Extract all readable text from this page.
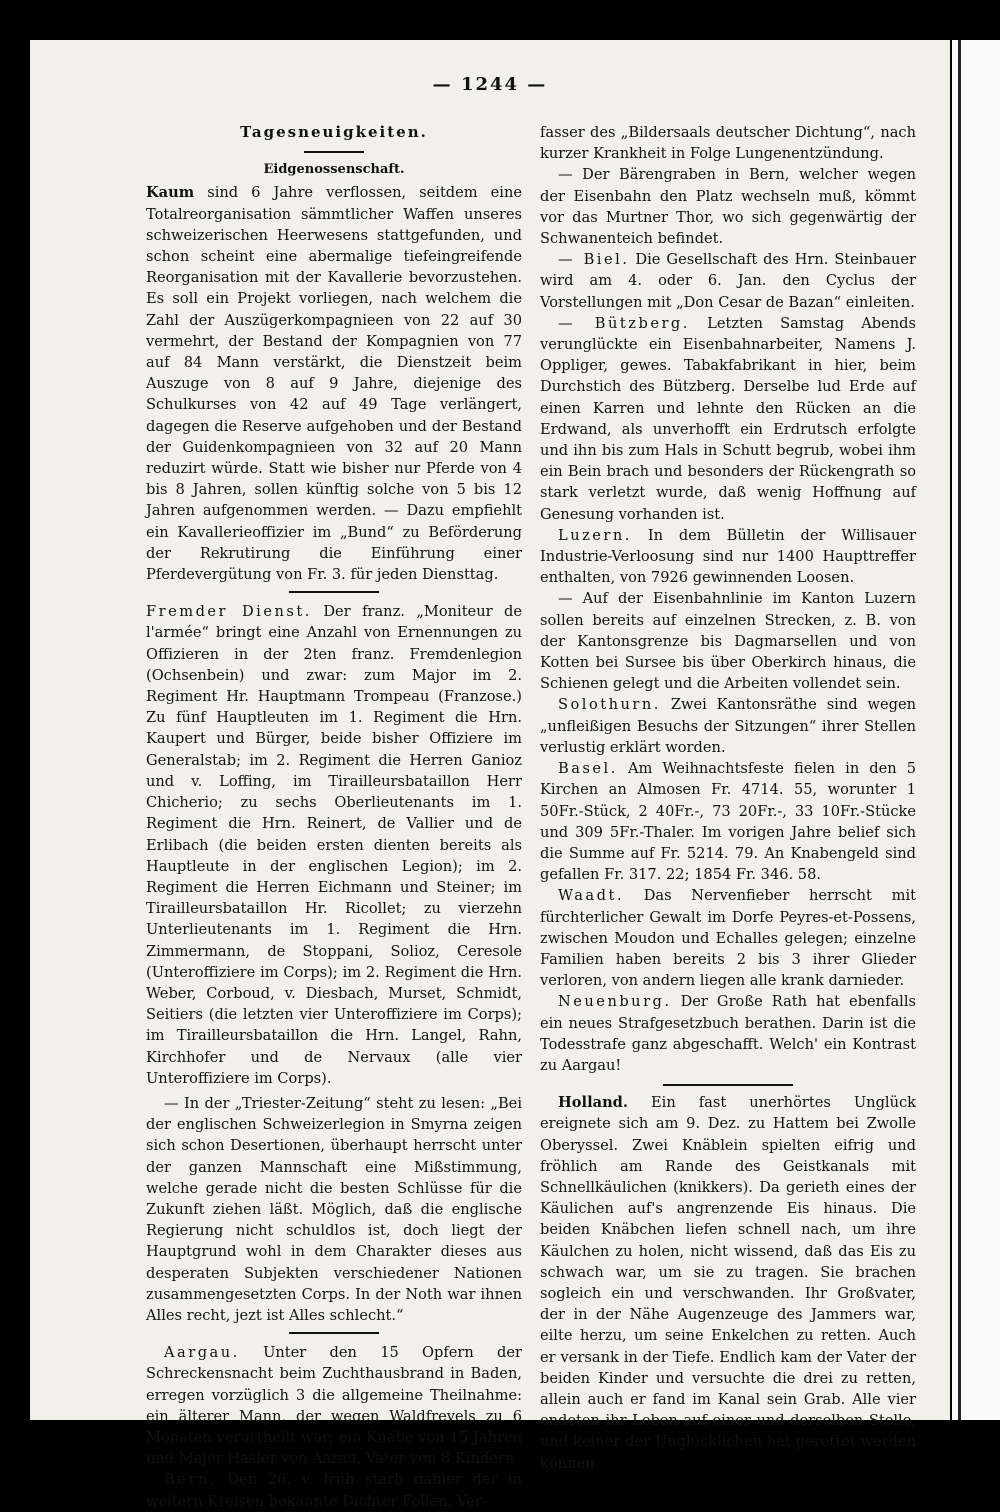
— 1244 —
Tagesneuigkeiten.
Eidgenossenschaft.

Kaum sind 6 Jahre verflossen, seitdem eine Totalreorganisation sämmtlicher Waffen unseres schweizerischen Heerwesens stattgefunden, und schon scheint eine abermalige tiefeingreifende Reorganisation mit der Kavallerie bevorzustehen. Es soll ein Projekt vorliegen, nach welchem die Zahl der Auszügerkompagnieen von 22 auf 30 vermehrt, der Bestand der Kompagnien von 77 auf 84 Mann verstärkt, die Dienstzeit beim Auszuge von 8 auf 9 Jahre, diejenige des Schulkurses von 42 auf 49 Tage verlängert, dagegen die Reserve aufgehoben und der Bestand der Guidenkompagnieen von 32 auf 20 Mann reduzirt würde. Statt wie bisher nur Pferde von 4 bis 8 Jahren, sollen künftig solche von 5 bis 12 Jahren aufgenommen werden. — Dazu empfiehlt ein Kavallerieoffizier im „Bund“ zu Beförderung der Rekrutirung die Einführung einer Pferdevergütung von Fr. 3. für jeden Diensttag.

Fremder Dienst. Der franz. „Moniteur de l'armée“ bringt eine Anzahl von Ernennungen zu Offizieren in der 2ten franz. Fremdenlegion (Ochsenbein) und zwar: zum Major im 2. Regiment Hr. Hauptmann Trompeau (Franzose.) Zu fünf Hauptleuten im 1. Regiment die Hrn. Kaupert und Bürger, beide bisher Offiziere im Generalstab; im 2. Regiment die Herren Ganioz und v. Loffing, im Tirailleursbataillon Herr Chicherio; zu sechs Oberlieutenants im 1. Regiment die Hrn. Reinert, de Vallier und de Erlibach (die beiden ersten dienten bereits als Hauptleute in der englischen Legion); im 2. Regiment die Herren Eichmann und Steiner; im Tirailleursbataillon Hr. Ricollet; zu vierzehn Unterlieutenants im 1. Regiment die Hrn. Zimmermann, de Stoppani, Solioz, Ceresole (Unteroffiziere im Corps); im 2. Regiment die Hrn. Weber, Corboud, v. Diesbach, Murset, Schmidt, Seitiers (die letzten vier Unteroffiziere im Corps); im Tirailleursbataillon die Hrn. Langel, Rahn, Kirchhofer und de Nervaux (alle vier Unteroffiziere im Corps).

— In der „Triester-Zeitung“ steht zu lesen: „Bei der englischen Schweizerlegion in Smyrna zeigen sich schon Desertionen, überhaupt herrscht unter der ganzen Mannschaft eine Mißstimmung, welche gerade nicht die besten Schlüsse für die Zukunft ziehen läßt. Möglich, daß die englische Regierung nicht schuldlos ist, doch liegt der Hauptgrund wohl in dem Charakter dieses aus desperaten Subjekten verschiedener Nationen zusammengesetzten Corps. In der Noth war ihnen Alles recht, jezt ist Alles schlecht.“

Aargau. Unter den 15 Opfern der Schreckensnacht beim Zuchthausbrand in Baden, erregen vorzüglich 3 die allgemeine Theilnahme: ein älterer Mann, der wegen Waldfrevels zu 6 Monaten verurtheilt war; ein Knabe von 15 Jahren und Major Hasler von Aarau, Vater von 8 Kindern.

Bern. Den 26. v. früh starb dahier der in weitern Kreisen bekannte Dichter Follen, Ver-

fasser des „Bildersaals deutscher Dichtung“, nach kurzer Krankheit in Folge Lungenentzündung.

— Der Bärengraben in Bern, welcher wegen der Eisenbahn den Platz wechseln muß, kömmt vor das Murtner Thor, wo sich gegenwärtig der Schwanenteich befindet.

— Biel. Die Gesellschaft des Hrn. Steinbauer wird am 4. oder 6. Jan. den Cyclus der Vorstellungen mit „Don Cesar de Bazan“ einleiten.

— Bützberg. Letzten Samstag Abends verunglückte ein Eisenbahnarbeiter, Namens J. Oppliger, gewes. Tabakfabrikant in hier, beim Durchstich des Bützberg. Derselbe lud Erde auf einen Karren und lehnte den Rücken an die Erdwand, als unverhofft ein Erdrutsch erfolgte und ihn bis zum Hals in Schutt begrub, wobei ihm ein Bein brach und besonders der Rückengrath so stark verletzt wurde, daß wenig Hoffnung auf Genesung vorhanden ist.

Luzern. In dem Bülletin der Willisauer Industrie-Verloosung sind nur 1400 Haupttreffer enthalten, von 7926 gewinnenden Loosen.

— Auf der Eisenbahnlinie im Kanton Luzern sollen bereits auf einzelnen Strecken, z. B. von der Kantonsgrenze bis Dagmarsellen und von Kotten bei Sursee bis über Oberkirch hinaus, die Schienen gelegt und die Arbeiten vollendet sein.

Solothurn. Zwei Kantonsräthe sind wegen „unfleißigen Besuchs der Sitzungen“ ihrer Stellen verlustig erklärt worden.

Basel. Am Weihnachtsfeste fielen in den 5 Kirchen an Almosen Fr. 4714. 55, worunter 1 50Fr.-Stück, 2 40Fr.-, 73 20Fr.-, 33 10Fr.-Stücke und 309 5Fr.-Thaler. Im vorigen Jahre belief sich die Summe auf Fr. 5214. 79. An Knabengeld sind gefallen Fr. 317. 22; 1854 Fr. 346. 58.

Waadt. Das Nervenfieber herrscht mit fürchterlicher Gewalt im Dorfe Peyres-et-Possens, zwischen Moudon und Echalles gelegen; einzelne Familien haben bereits 2 bis 3 ihrer Glieder verloren, von andern liegen alle krank darnieder.

Neuenburg. Der Große Rath hat ebenfalls ein neues Strafgesetzbuch berathen. Darin ist die Todesstrafe ganz abgeschafft. Welch' ein Kontrast zu Aargau!

Holland. Ein fast unerhörtes Unglück ereignete sich am 9. Dez. zu Hattem bei Zwolle Oberyssel. Zwei Knäblein spielten eifrig und fröhlich am Rande des Geistkanals mit Schnellkäulichen (knikkers). Da gerieth eines der Käulichen auf's angrenzende Eis hinaus. Die beiden Knäbchen liefen schnell nach, um ihre Käulchen zu holen, nicht wissend, daß das Eis zu schwach war, um sie zu tragen. Sie brachen sogleich ein und verschwanden. Ihr Großvater, der in der Nähe Augenzeuge des Jammers war, eilte herzu, um seine Enkelchen zu retten. Auch er versank in der Tiefe. Endlich kam der Vater der beiden Kinder und versuchte die drei zu retten, allein auch er fand im Kanal sein Grab. Alle vier endeten ihr Leben auf einer und derselben Stelle, und keiner der Unglücklichen hat gerettet werden können.
